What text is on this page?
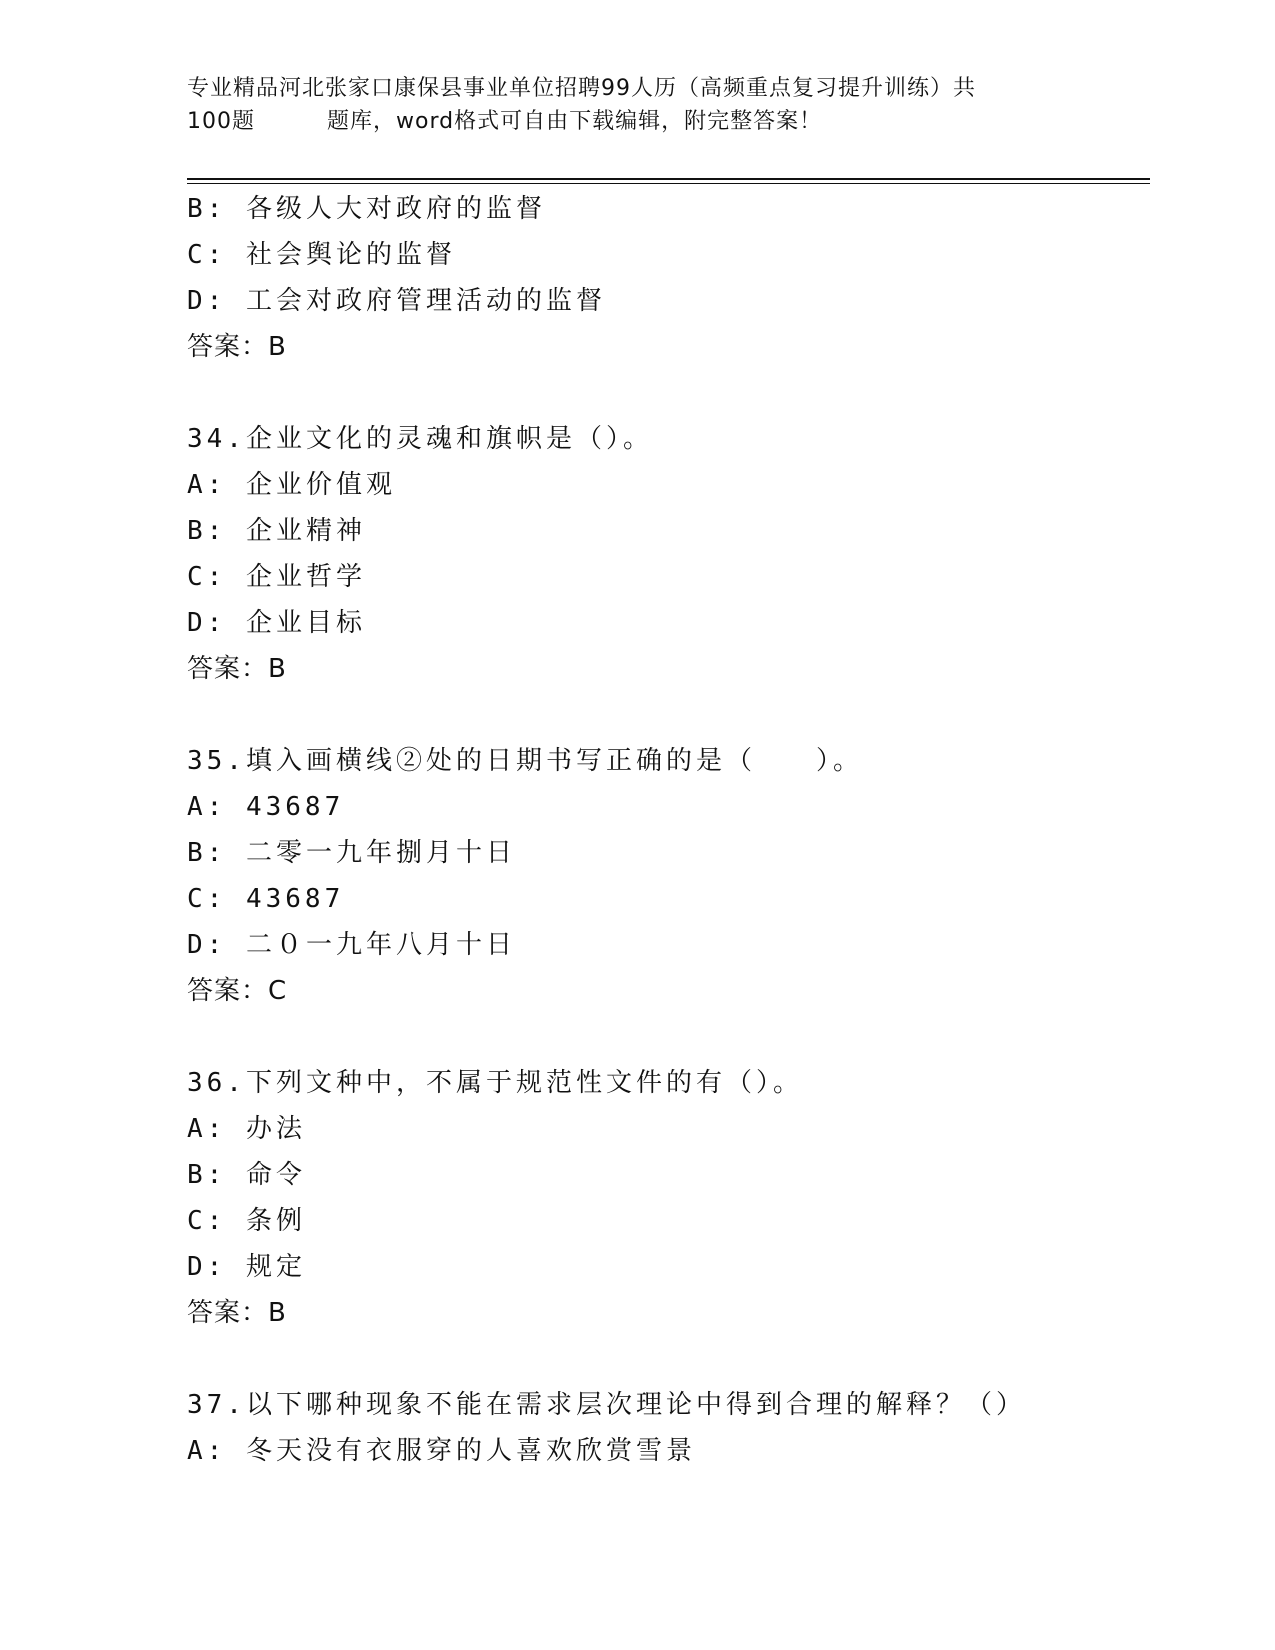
专业精品河北张家口康保县事业单位招聘99人历（高频重点复习提升训练）共
100题	题库，word格式可自由下载编辑，附完整答案！
B: 各级人大对政府的监督
C: 社会舆论的监督
D: 工会对政府管理活动的监督
答案：B
34.企业文化的灵魂和旗帜是（）。
A: 企业价值观
B: 企业精神
C: 企业哲学
D: 企业目标
答案：B
35.填入画横线②处的日期书写正确的是（　　）。
A: 43687
B: 二零一九年捌月十日
C: 43687
D: 二０一九年八月十日
答案：C
36.下列文种中，不属于规范性文件的有（）。
A: 办法
B: 命令
C: 条例
D: 规定
答案：B
37.以下哪种现象不能在需求层次理论中得到合理的解释？（）
A: 冬天没有衣服穿的人喜欢欣赏雪景
